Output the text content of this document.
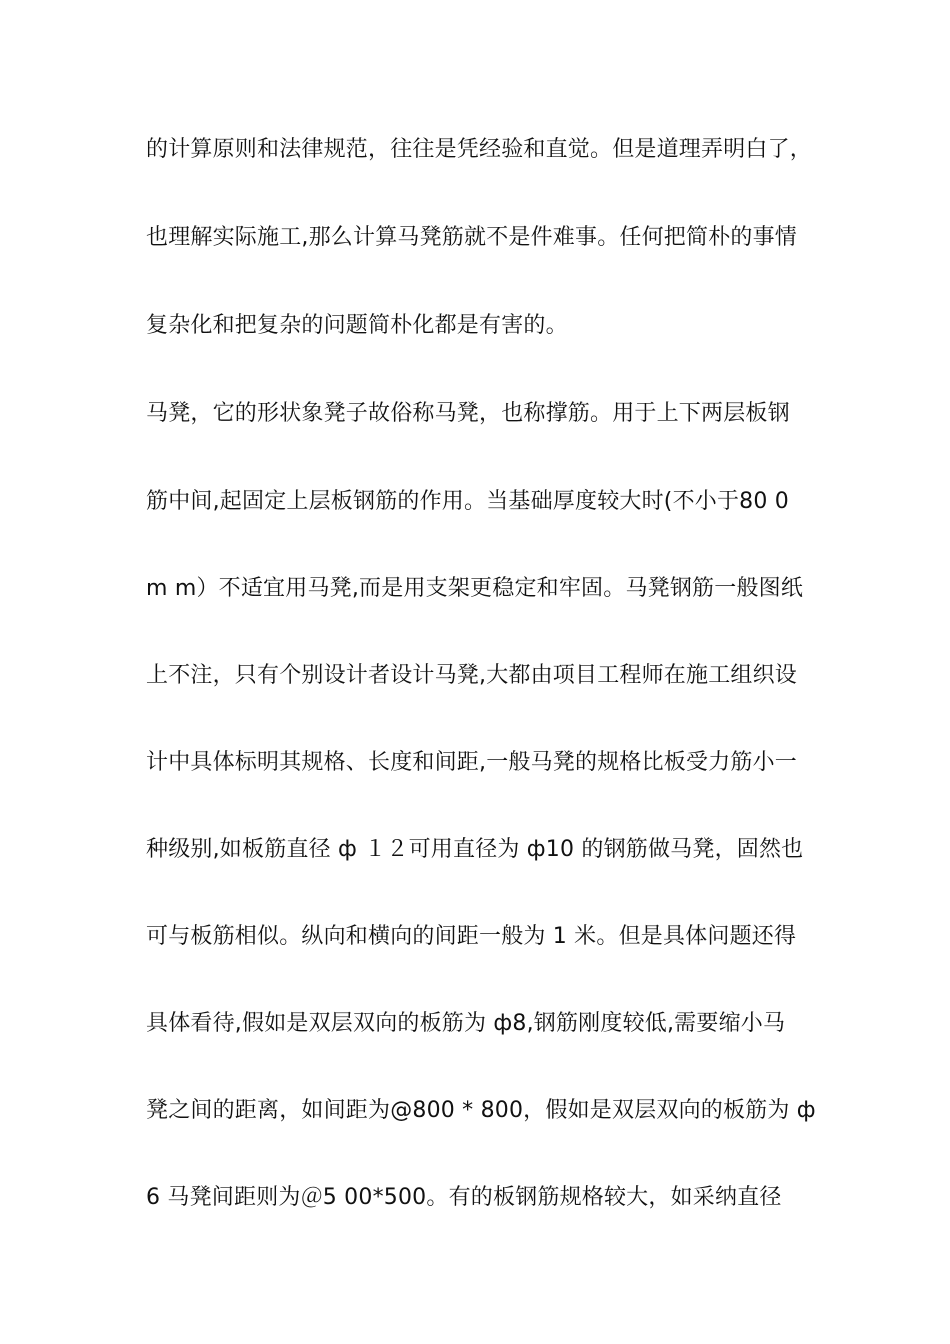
的计算原则和法律规范，往往是凭经验和直觉。但是道理弄明白了，
也理解实际施工,那么计算马凳筋就不是件难事。任何把简朴的事情
复杂化和把复杂的问题简朴化都是有害的。
马凳，它的形状象凳子故俗称马凳，也称撑筋。用于上下两层板钢
筋中间,起固定上层板钢筋的作用。当基础厚度较大时(不小于80 0
m m）不适宜用马凳,而是用支架更稳定和牢固。马凳钢筋一般图纸
上不注，只有个别设计者设计马凳,大都由项目工程师在施工组织设
计中具体标明其规格、长度和间距,一般马凳的规格比板受力筋小一
种级别,如板筋直径 ф １２可用直径为 ф10 的钢筋做马凳，固然也
可与板筋相似。纵向和横向的间距一般为 1 米。但是具体问题还得
具体看待,假如是双层双向的板筋为 ф8,钢筋刚度较低,需要缩小马
凳之间的距离，如间距为@800 * 800，假如是双层双向的板筋为 ф
6 马凳间距则为＠5 00*500。有的板钢筋规格较大，如采纳直径
